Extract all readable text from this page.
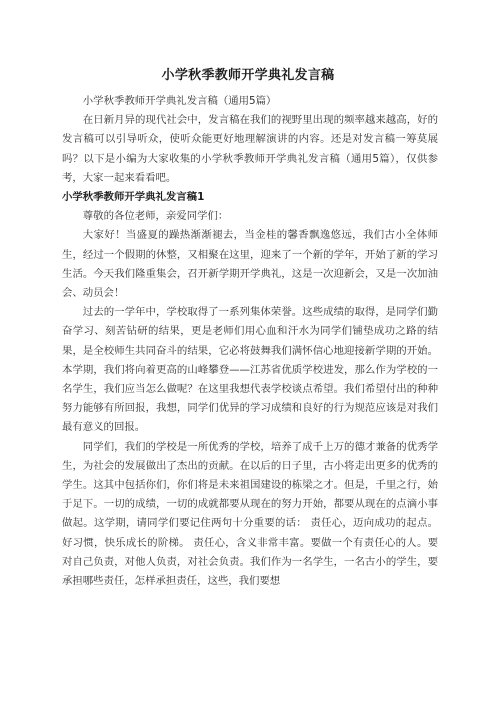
小学秋季教师开学典礼发言稿

小学秋季教师开学典礼发言稿（通用5篇）

在日新月异的现代社会中，发言稿在我们的视野里出现的频率越来越高，好的发言稿可以引导听众，使听众能更好地理解演讲的内容。还是对发言稿一筹莫展吗？以下是小编为大家收集的小学秋季教师开学典礼发言稿（通用5篇），仅供参考，大家一起来看看吧。

小学秋季教师开学典礼发言稿1

尊敬的各位老师，亲爱同学们：

大家好！当盛夏的躁热渐渐褪去，当金桂的馨香飘逸悠远，我们古小全体师生，经过一个假期的休整，又相聚在这里，迎来了一个新的学年，开始了新的学习生活。今天我们隆重集会，召开新学期开学典礼，这是一次迎新会，又是一次加油会、动员会！

过去的一学年中，学校取得了一系列集体荣誉。这些成绩的取得，是同学们勤奋学习、刻苦钻研的结果，更是老师们用心血和汗水为同学们铺垫成功之路的结果，是全校师生共同奋斗的结果，它必将鼓舞我们满怀信心地迎接新学期的开始。本学期，我们将向着更高的山峰攀登——江苏省优质学校进发，那么作为学校的一名学生，我们应当怎么做呢？在这里我想代表学校谈点希望。我们希望付出的种种努力能够有所回报，我想，同学们优异的学习成绩和良好的行为规范应该是对我们最有意义的回报。

同学们，我们的学校是一所优秀的学校，培养了成千上万的德才兼备的优秀学生，为社会的发展做出了杰出的贡献。在以后的日子里，古小将走出更多的优秀的学生。这其中包括你们，你们将是未来祖国建设的栋梁之才。但是，千里之行，始于足下。一切的成绩，一切的成就都要从现在的努力开始，都要从现在的点滴小事做起。这学期，请同学们要记住两句十分重要的话： 责任心，迈向成功的起点。 好习惯，快乐成长的阶梯。 责任心，含义非常丰富。要做一个有责任心的人。要对自己负责，对他人负责，对社会负责。我们作为一名学生，一名古小的学生，要承担哪些责任，怎样承担责任，这些，我们要想
